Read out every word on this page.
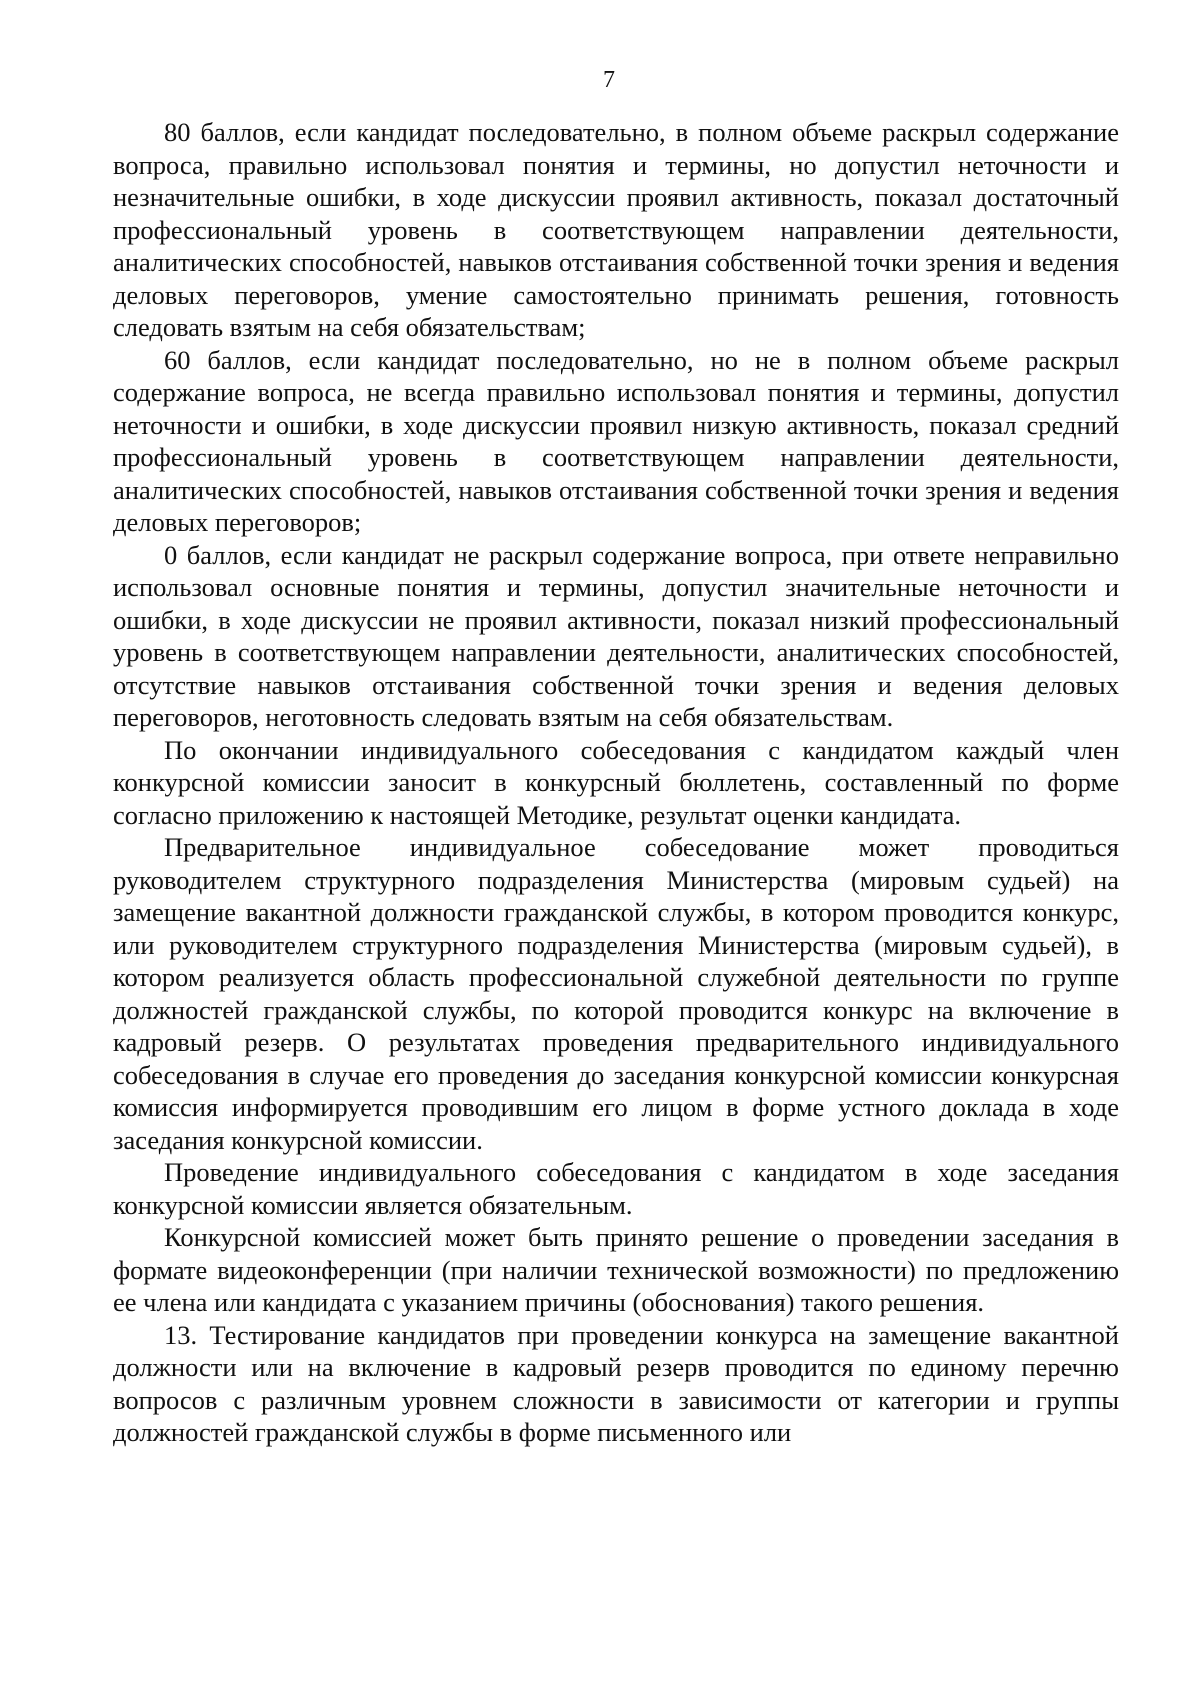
7

80 баллов, если кандидат последовательно, в полном объеме раскрыл содержание вопроса, правильно использовал понятия и термины, но допустил неточности и незначительные ошибки, в ходе дискуссии проявил активность, показал достаточный профессиональный уровень в соответствующем направлении деятельности, аналитических способностей, навыков отстаивания собственной точки зрения и ведения деловых переговоров, умение самостоятельно принимать решения, готовность следовать взятым на себя обязательствам;

60 баллов, если кандидат последовательно, но не в полном объеме раскрыл содержание вопроса, не всегда правильно использовал понятия и термины, допустил неточности и ошибки, в ходе дискуссии проявил низкую активность, показал средний профессиональный уровень в соответствующем направлении деятельности, аналитических способностей, навыков отстаивания собственной точки зрения и ведения деловых переговоров;

0 баллов, если кандидат не раскрыл содержание вопроса, при ответе неправильно использовал основные понятия и термины, допустил значительные неточности и ошибки, в ходе дискуссии не проявил активности, показал низкий профессиональный уровень в соответствующем направлении деятельности, аналитических способностей, отсутствие навыков отстаивания собственной точки зрения и ведения деловых переговоров, неготовность следовать взятым на себя обязательствам.

По окончании индивидуального собеседования с кандидатом каждый член конкурсной комиссии заносит в конкурсный бюллетень, составленный по форме согласно приложению к настоящей Методике, результат оценки кандидата.

Предварительное индивидуальное собеседование может проводиться руководителем структурного подразделения Министерства (мировым судьей) на замещение вакантной должности гражданской службы, в котором проводится конкурс, или руководителем структурного подразделения Министерства (мировым судьей), в котором реализуется область профессиональной служебной деятельности по группе должностей гражданской службы, по которой проводится конкурс на включение в кадровый резерв. О результатах проведения предварительного индивидуального собеседования в случае его проведения до заседания конкурсной комиссии конкурсная комиссия информируется проводившим его лицом в форме устного доклада в ходе заседания конкурсной комиссии.

Проведение индивидуального собеседования с кандидатом в ходе заседания конкурсной комиссии является обязательным.

Конкурсной комиссией может быть принято решение о проведении заседания в формате видеоконференции (при наличии технической возможности) по предложению ее члена или кандидата с указанием причины (обоснования) такого решения.

13. Тестирование кандидатов при проведении конкурса на замещение вакантной должности или на включение в кадровый резерв проводится по единому перечню вопросов с различным уровнем сложности в зависимости от категории и группы должностей гражданской службы в форме письменного или
